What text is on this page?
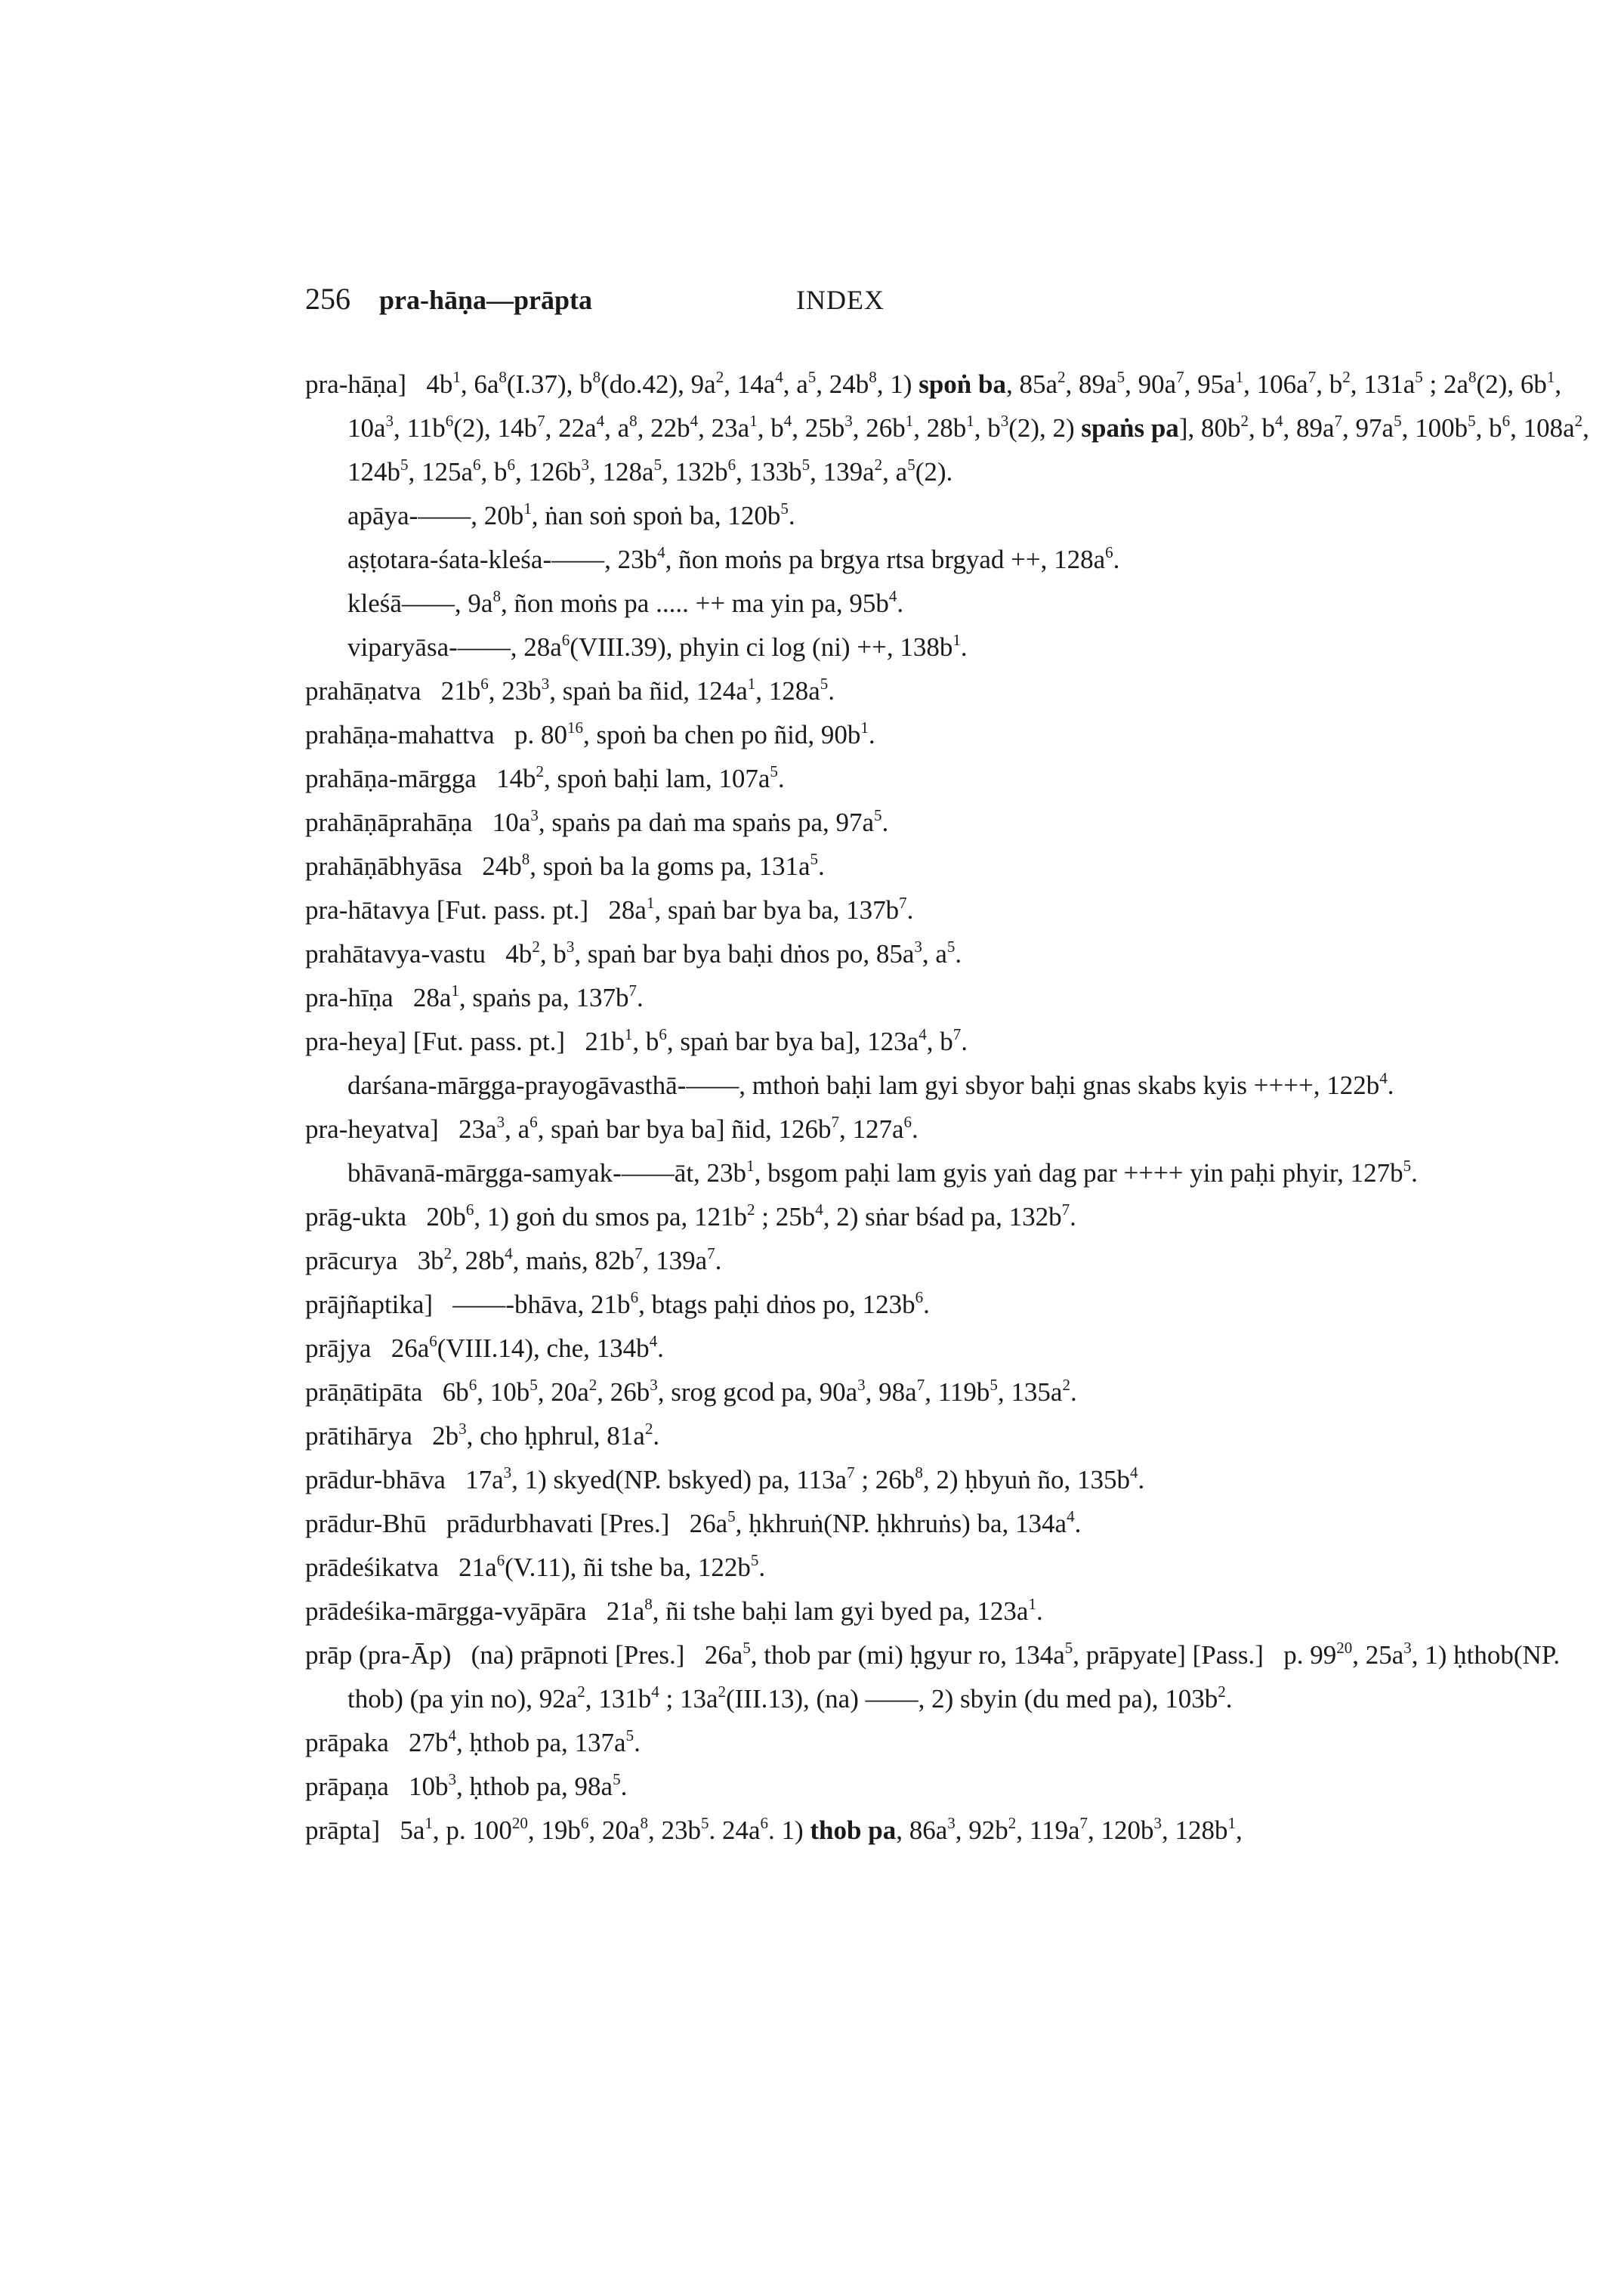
256 pra-hāṇa—prāpta	INDEX
pra-hāṇa]   $4b^1$, $6a^8(I.37)$, $b^8(do.42)$, $9a^2$, $14a^4$, $a^5$, $24b^8$, 1) spoṅ ba, $85a^2$, $89a^5$, $90a^7$, $95a^1$, $106a^7$, $b^2$, $131a^5$ ; $2a^8(2)$, $6b^1$, $10a^3$, $11b^6(2)$, $14b^7$, $22a^4$, $a^8$, $22b^4$, $23a^1$, $b^4$, $25b^3$, $26b^1$, $28b^1$, $b^3(2)$, 2) spaṅs pa], $80b^2$, $b^4$, $89a^7$, $97a^5$, $100b^5$, $b^6$, $108a^2$, $124b^5$, $125a^6$, $b^6$, $126b^3$, $128a^5$, $132b^6$, $133b^5$, $139a^2$, $a^5(2)$.
apāya-——, $20b^1$, ṅan soṅ spoṅ ba, $120b^5$.
aṣṭotara-śata-kleśa-——, $23b^4$, ñon moṅs pa brgya rtsa brgyad ++, $128a^6$.
kleśā——, $9a^8$, ñon moṅs pa ..... ++ ma yin pa, $95b^4$.
viparyāsa-——, $28a^6(VIII.39)$, phyin ci log (ni) ++, $138b^1$.
prahāṇatva   $21b^6$, $23b^3$, spaṅ ba ñid, $124a^1$, $128a^5$.
prahāṇa-mahattva   p. $80^{16}$, spoṅ ba chen po ñid, $90b^1$.
prahāṇa-mārgga   $14b^2$, spoṅ baḥi lam, $107a^5$.
prahāṇāprahāṇa   $10a^3$, spaṅs pa daṅ ma spaṅs pa, $97a^5$.
prahāṇābhyāsa   $24b^8$, spoṅ ba la goms pa, $131a^5$.
pra-hātavya [Fut. pass. pt.]   $28a^1$, spaṅ bar bya ba, $137b^7$.
prahātavya-vastu   $4b^2$, $b^3$, spaṅ bar bya baḥi dṅos po, $85a^3$, $a^5$.
pra-hīṇa   $28a^1$, spaṅs pa, $137b^7$.
pra-heya] [Fut. pass. pt.]   $21b^1$, $b^6$, spaṅ bar bya ba], $123a^4$, $b^7$.
darśana-mārgga-prayogāvasthā-——, mthoṅ baḥi lam gyi sbyor baḥi gnas skabs kyis ++++, $122b^4$.
pra-heyatva]   $23a^3$, $a^6$, spaṅ bar bya ba] ñid, $126b^7$, $127a^6$.
bhāvanā-mārgga-samyak-——āt, $23b^1$, bsgom paḥi lam gyis yaṅ dag par ++++ yin paḥi phyir, $127b^5$.
prāg-ukta   $20b^6$, 1) goṅ du smos pa, $121b^2$ ; $25b^4$, 2) sṅar bśad pa, $132b^7$.
prācurya   $3b^2$, $28b^4$, maṅs, $82b^7$, $139a^7$.
prājñaptika]   ——-bhāva, $21b^6$, btags paḥi dṅos po, $123b^6$.
prājya   $26a^6(VIII.14)$, che, $134b^4$.
prāṇātipāta   $6b^6$, $10b^5$, $20a^2$, $26b^3$, srog gcod pa, $90a^3$, $98a^7$, $119b^5$, $135a^2$.
prātihārya   $2b^3$, cho ḥphrul, $81a^2$.
prādur-bhāva   $17a^3$, 1) skyed(NP. bskyed) pa, $113a^7$ ; $26b^8$, 2) ḥbyuṅ ño, $135b^4$.
prādur-Bhū   prādurbhavati [Pres.]   $26a^5$, ḥkhruṅ(NP. ḥkhruṅs) ba, $134a^4$.
prādeśikatva   $21a^6(V.11)$, ñi tshe ba, $122b^5$.
prādeśika-mārgga-vyāpāra   $21a^8$, ñi tshe baḥi lam gyi byed pa, $123a^1$.
prāp (pra-Āp)   (na) prāpnoti [Pres.]   $26a^5$, thob par (mi) ḥgyur ro, $134a^5$, prāpyate] [Pass.]   p. $99^{20}$, $25a^3$, 1) ḥthob(NP. thob) (pa yin no), $92a^2$, $131b^4$ ; $13a^2(III.13)$, (na) ——, 2) sbyin (du med pa), $103b^2$.
prāpaka   $27b^4$, ḥthob pa, $137a^5$.
prāpaṇa   $10b^3$, ḥthob pa, $98a^5$.
prāpta]   $5a^1$, p. $100^{20}$, $19b^6$, $20a^8$, $23b^5$. $24a^6$. 1) thob pa, $86a^3$, $92b^2$, $119a^7$, $120b^3$, $128b^1$,
